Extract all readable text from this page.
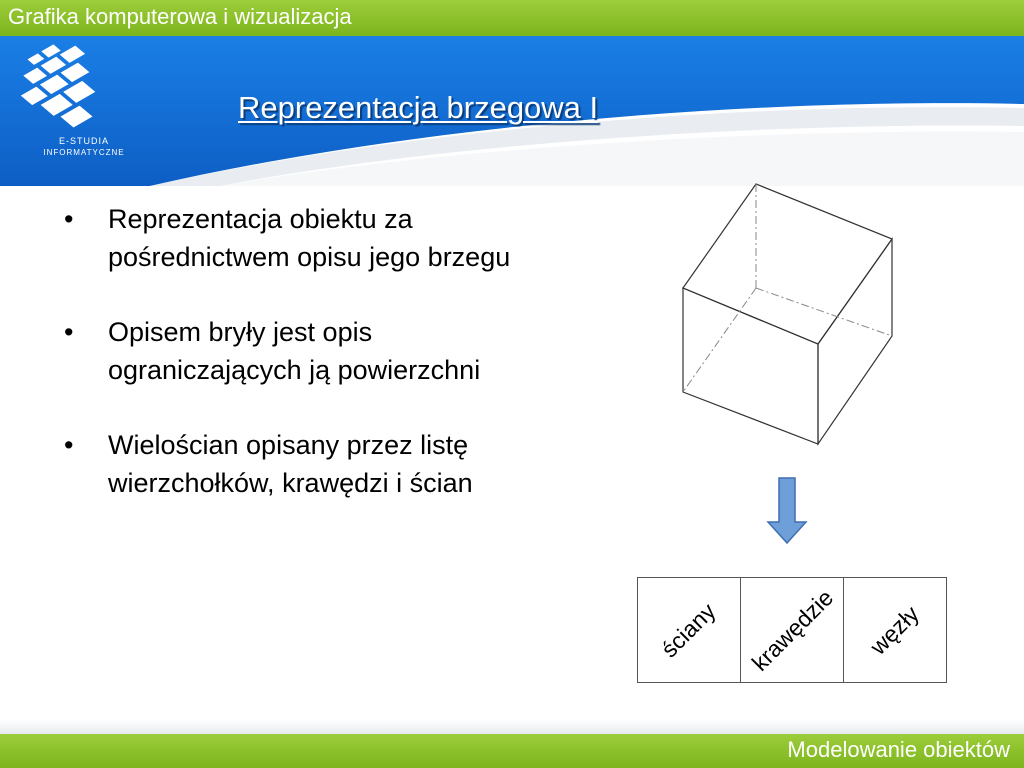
Grafika komputerowa i wizualizacja
Reprezentacja brzegowa I
E-STUDIA
INFORMATYCZNE
• Reprezentacja obiektu za pośrednictwem opisu jego brzegu
• Opisem bryły jest opis ograniczających ją powierzchni
• Wielościan opisany przez listę wierzchołków, krawędzi i ścian
ściany	krawędzie	węzły
Modelowanie obiektów
